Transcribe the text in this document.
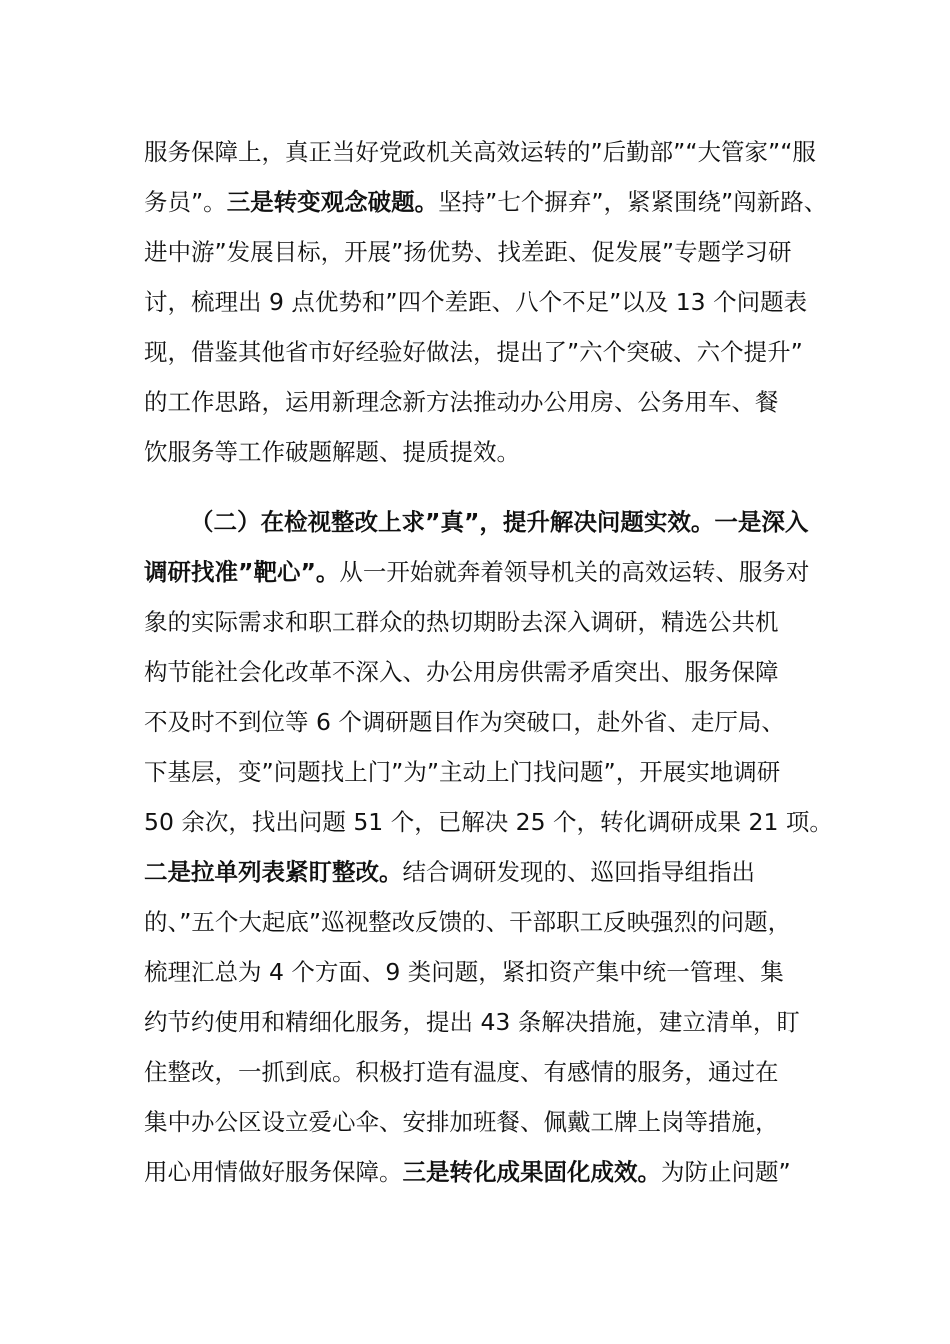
服务保障上，真正当好党政机关高效运转的”后勤部”“大管家”“服
务员”。三是转变观念破题。坚持”七个摒弃”，紧紧围绕”闯新路、
进中游”发展目标，开展”扬优势、找差距、促发展”专题学习研
讨，梳理出 9 点优势和”四个差距、八个不足”以及 13 个问题表
现，借鉴其他省市好经验好做法，提出了”六个突破、六个提升”
的工作思路，运用新理念新方法推动办公用房、公务用车、餐
饮服务等工作破题解题、提质提效。
（二）在检视整改上求”真”，提升解决问题实效。一是深入
调研找准”靶心”。从一开始就奔着领导机关的高效运转、服务对
象的实际需求和职工群众的热切期盼去深入调研，精选公共机
构节能社会化改革不深入、办公用房供需矛盾突出、服务保障
不及时不到位等 6 个调研题目作为突破口，赴外省、走厅局、
下基层，变”问题找上门”为”主动上门找问题”，开展实地调研
50 余次，找出问题 51 个，已解决 25 个，转化调研成果 21 项。
二是拉单列表紧盯整改。结合调研发现的、巡回指导组指出
的、”五个大起底”巡视整改反馈的、干部职工反映强烈的问题，
梳理汇总为 4 个方面、9 类问题，紧扣资产集中统一管理、集
约节约使用和精细化服务，提出 43 条解决措施，建立清单，盯
住整改，一抓到底。积极打造有温度、有感情的服务，通过在
集中办公区设立爱心伞、安排加班餐、佩戴工牌上岗等措施，
用心用情做好服务保障。三是转化成果固化成效。为防止问题”
